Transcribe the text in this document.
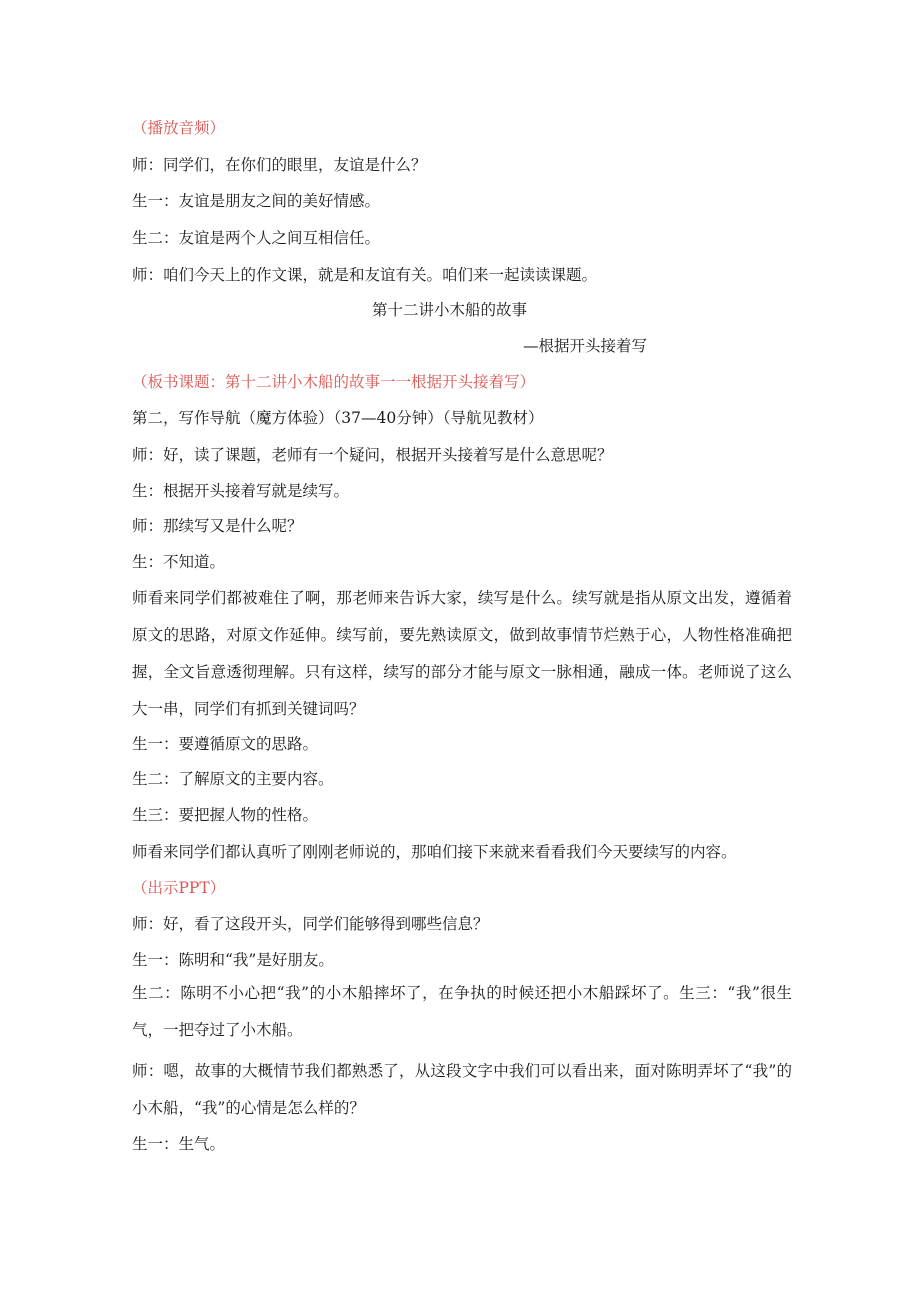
（播放音频）

师：同学们，在你们的眼里，友谊是什么？

生一：友谊是朋友之间的美好情感。

生二：友谊是两个人之间互相信任。

师：咱们今天上的作文课，就是和友谊有关。咱们来一起读读课题。

第十二讲小木船的故事

—根据开头接着写

（板书课题：第十二讲小木船的故事一一根据开头接着写）

第二，写作导航（魔方体验）（37—40分钟）（导航见教材）

师：好，读了课题，老师有一个疑问，根据开头接着写是什么意思呢？

生：根据开头接着写就是续写。

师：那续写又是什么呢？

生：不知道。

师看来同学们都被难住了啊，那老师来告诉大家，续写是什么。续写就是指从原文出发，遵循着原文的思路，对原文作延伸。续写前，要先熟读原文，做到故事情节烂熟于心，人物性格准确把握，全文旨意透彻理解。只有这样，续写的部分才能与原文一脉相通，融成一体。老师说了这么大一串，同学们有抓到关键词吗？

生一：要遵循原文的思路。

生二：了解原文的主要内容。

生三：要把握人物的性格。

师看来同学们都认真听了刚刚老师说的，那咱们接下来就来看看我们今天要续写的内容。

（出示PPT）

师：好，看了这段开头，同学们能够得到哪些信息？

生一：陈明和“我”是好朋友。

生二：陈明不小心把“我”的小木船摔坏了，在争执的时候还把小木船踩坏了。生三：“我”很生气，一把夺过了小木船。

师：嗯，故事的大概情节我们都熟悉了，从这段文字中我们可以看出来，面对陈明弄坏了“我”的小木船，“我”的心情是怎么样的？

生一：生气。
